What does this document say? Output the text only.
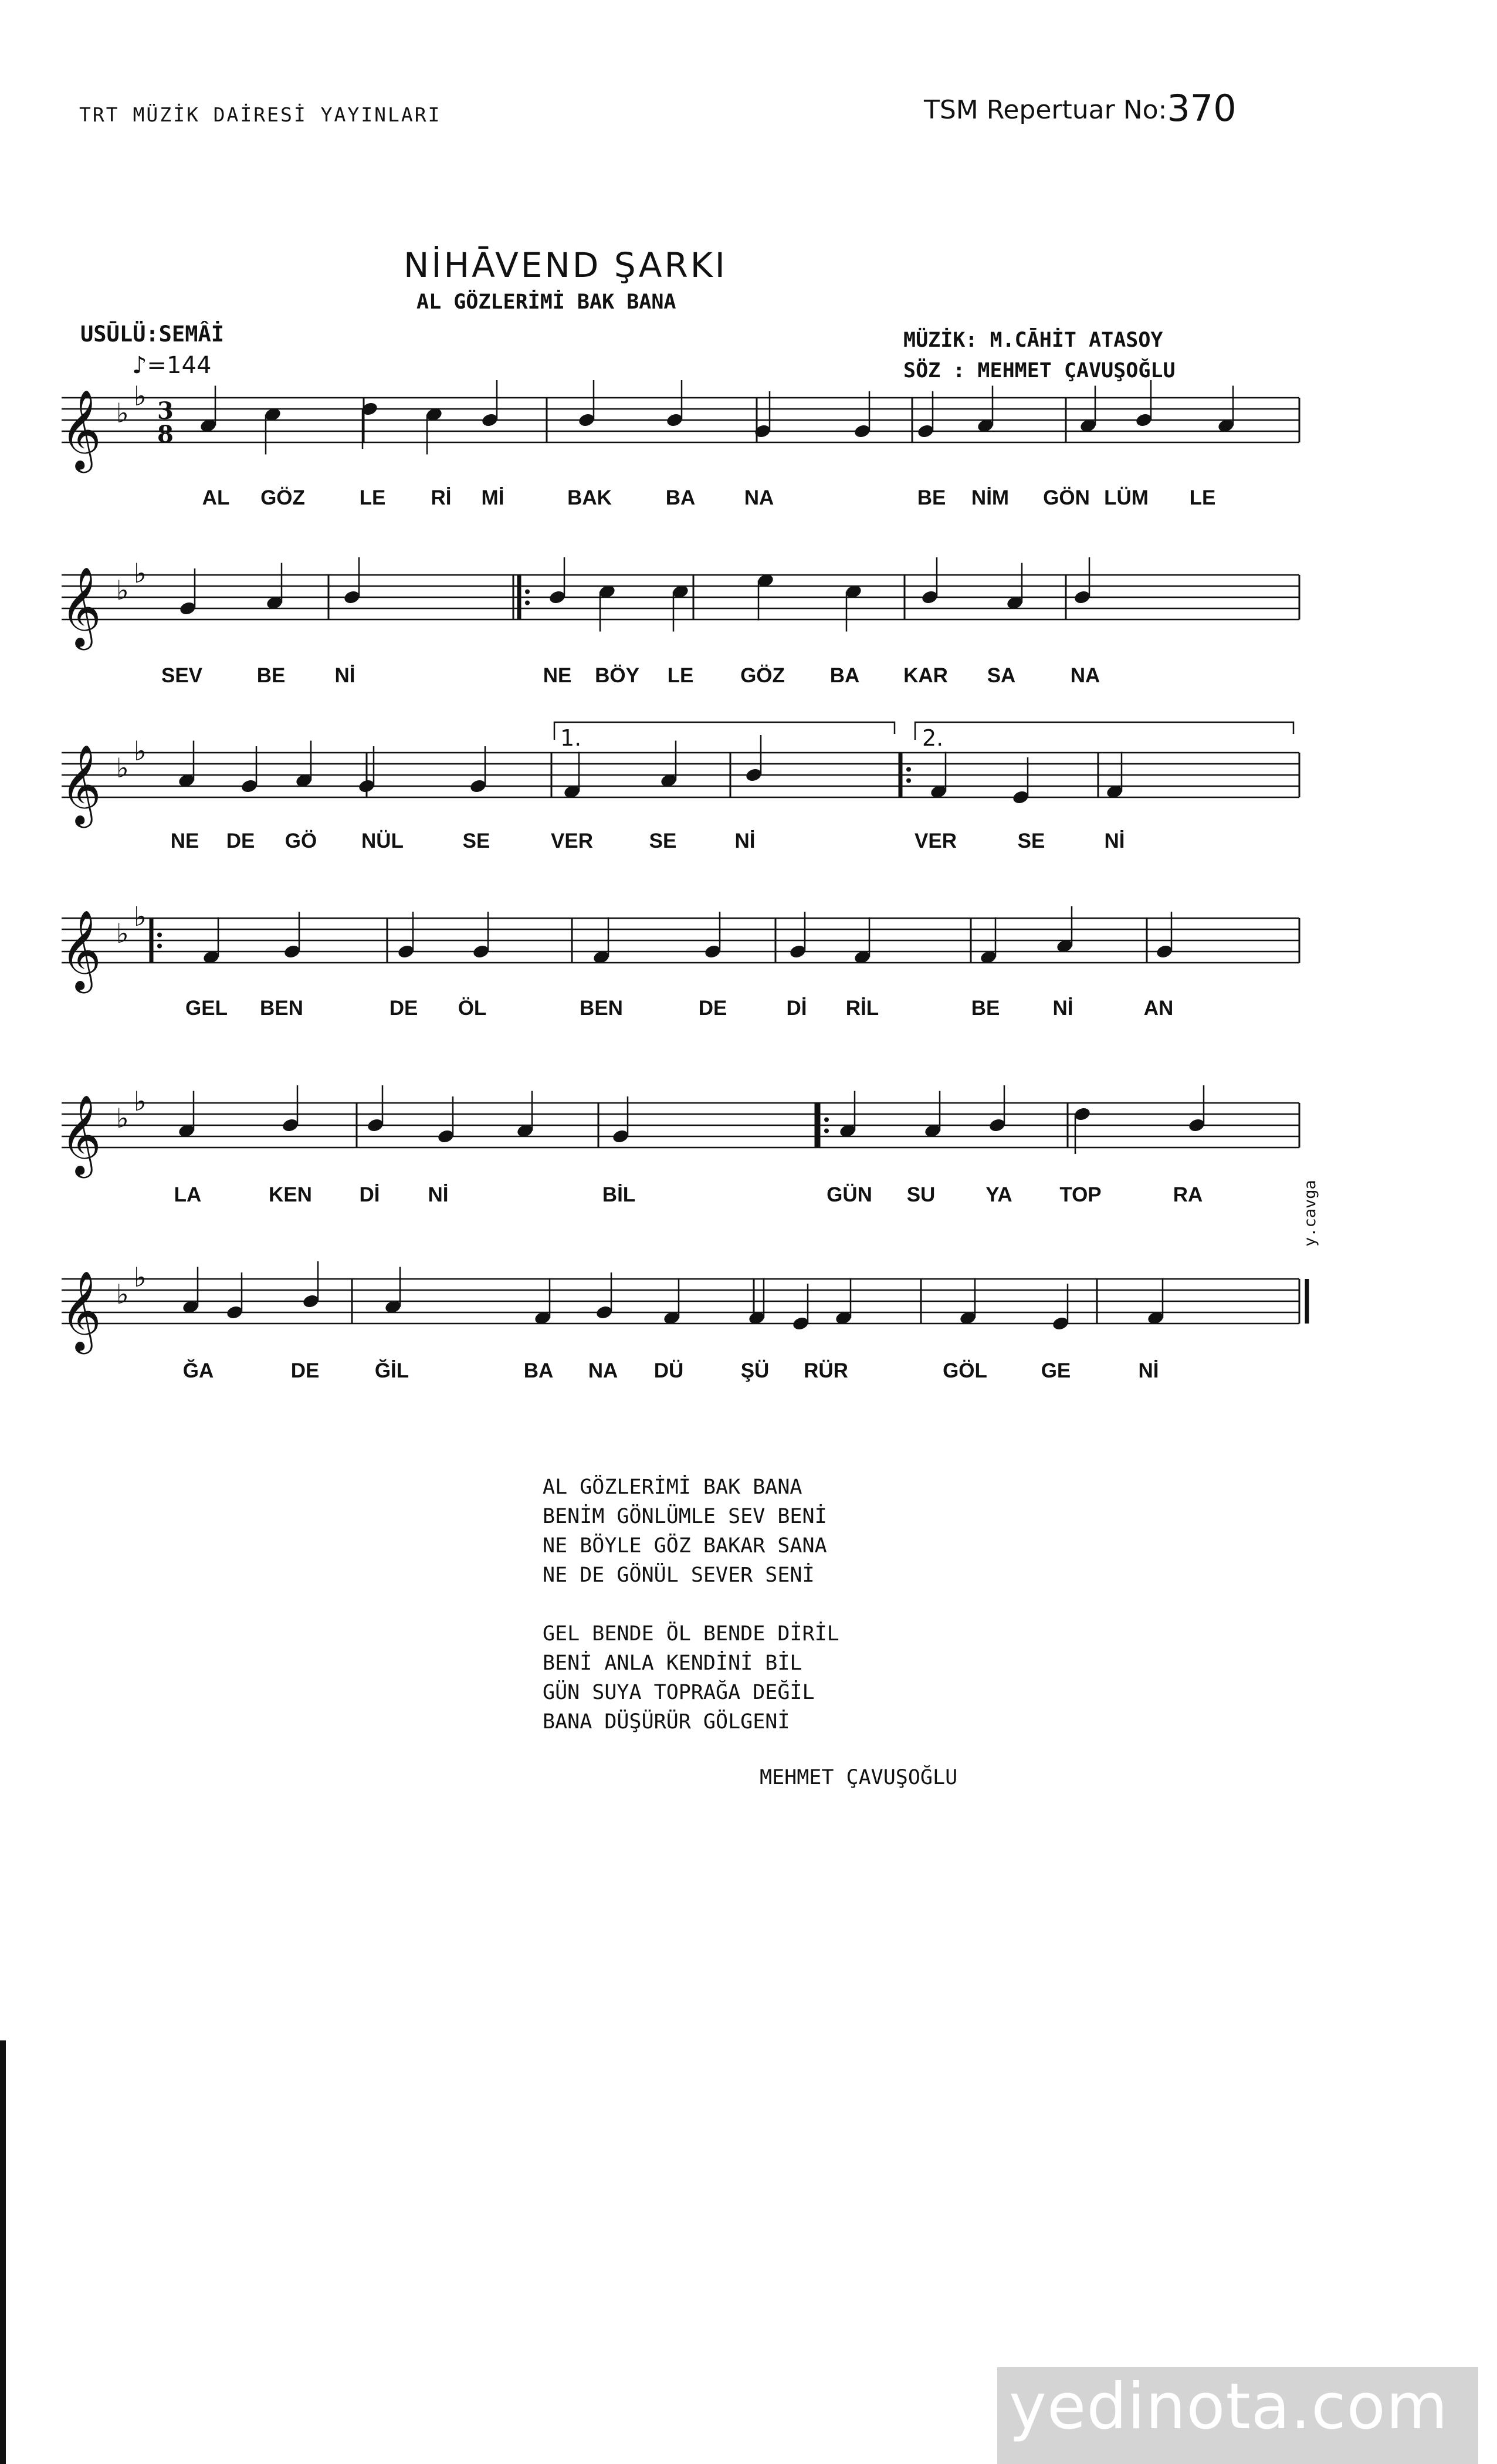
TRT MÜZİK DAİRESİ YAYINLARI	TSM Repertuar No:370
NİHĀVEND ŞARKI
AL GÖZLERİMİ BAK BANA
USŪLÜ:SEMÂİ
♪=144
MÜZİK: M.CĀHİT ATASOY
SÖZ : MEHMET ÇAVUŞOĞLU
𝄞 ♭
♭ 3
8
AL GÖZ	LE Rİ Mİ	BAK	BA NA	BE NİM GÖN LÜM LE
𝄞 ♭
♭
SEV	BE Nİ	NE BÖY LE GÖZ BA KAR SA	NA
𝄞 ♭
♭
NE DE GÖ NÜL	SE	VER	SE	Nİ	VER	SE	Nİ
𝄞 ♭
♭
GEL BEN	DE ÖL	BEN	DE	Dİ RİL	BE	Nİ	AN
𝄞 ♭
♭
LA	KEN Dİ Nİ	BİL	GÜN SU YA TOP	RA
𝄞 ♭
♭
ĞA	DE	ĞİL	BA NA DÜ	ŞÜ RÜR	GÖL	GE	Nİ
1.	2.
y.cavga
AL GÖZLERİMİ BAK BANA
BENİM GÖNLÜMLE SEV BENİ
NE BÖYLE GÖZ BAKAR SANA
NE DE GÖNÜL SEVER SENİ
GEL BENDE ÖL BENDE DİRİL
BENİ ANLA KENDİNİ BİL
GÜN SUYA TOPRAĞA DEĞİL
BANA DÜŞÜRÜR GÖLGENİ
MEHMET ÇAVUŞOĞLU
yedinota.com
